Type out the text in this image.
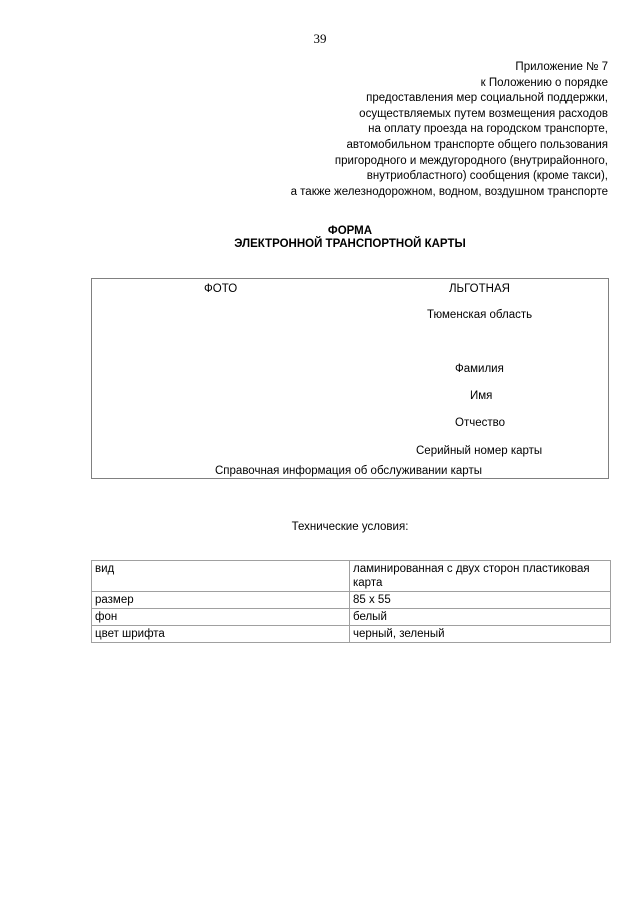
39
Приложение № 7
к Положению о порядке
предоставления мер социальной поддержки,
осуществляемых путем возмещения расходов
на оплату проезда на городском транспорте,
автомобильном транспорте общего пользования
пригородного и междугородного (внутрирайонного,
внутриобластного) сообщения (кроме такси),
а также железнодорожном, водном, воздушном транспорте
ФОРМА
ЭЛЕКТРОННОЙ ТРАНСПОРТНОЙ КАРТЫ
ФОТО	ЛЬГОТНАЯ
Тюменская область
Фамилия
Имя
Отчество
Серийный номер карты
Справочная информация об обслуживании карты
Технические условия:
вид	ламинированная с двух сторон пластиковая карта
размер	85 x 55
фон	белый
цвет шрифта	черный, зеленый
